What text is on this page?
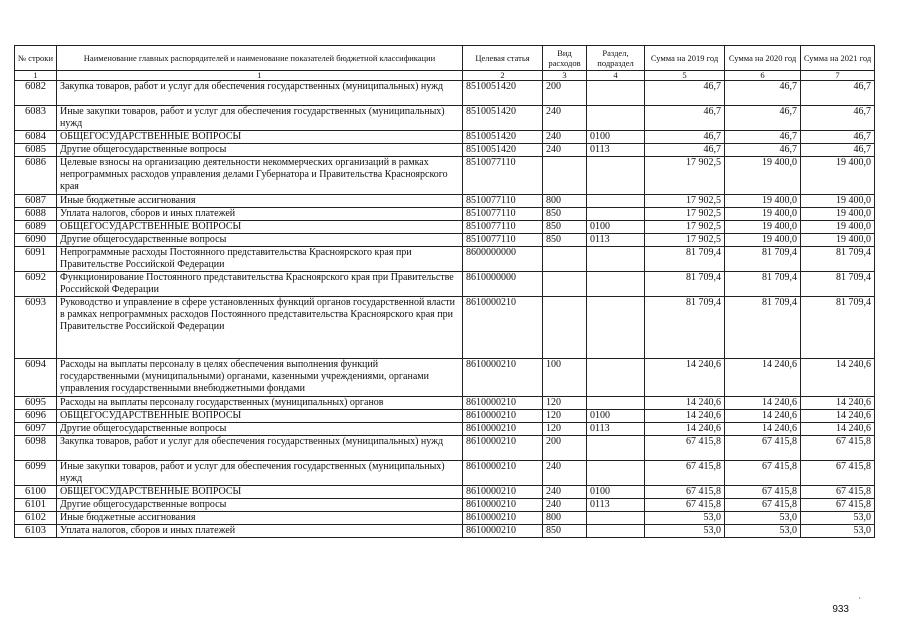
№ строки	Наименование главных распорядителей и наименование показателей бюджетной классификации	Целевая статья	Вид расходов	Раздел, подраздел	Сумма на 2019 год	Сумма на 2020 год	Сумма на 2021 год
1	1	2	3	4	5	6	7
6082	Закупка товаров, работ и услуг для обеспечения государственных (муниципальных) нужд	8510051420	200		46,7	46,7	46,7
6083	Иные закупки товаров, работ и услуг для обеспечения государственных (муниципальных) нужд	8510051420	240		46,7	46,7	46,7
6084	ОБЩЕГОСУДАРСТВЕННЫЕ ВОПРОСЫ	8510051420	240	0100	46,7	46,7	46,7
6085	Другие общегосударственные вопросы	8510051420	240	0113	46,7	46,7	46,7
6086	Целевые взносы на организацию деятельности некоммерческих организаций в рамках непрограммных расходов управления делами Губернатора и Правительства Красноярского края	8510077110			17 902,5	19 400,0	19 400,0
6087	Иные бюджетные ассигнования	8510077110	800		17 902,5	19 400,0	19 400,0
6088	Уплата налогов, сборов и иных платежей	8510077110	850		17 902,5	19 400,0	19 400,0
6089	ОБЩЕГОСУДАРСТВЕННЫЕ ВОПРОСЫ	8510077110	850	0100	17 902,5	19 400,0	19 400,0
6090	Другие общегосударственные вопросы	8510077110	850	0113	17 902,5	19 400,0	19 400,0
6091	Непрограммные расходы Постоянного представительства Красноярского края при Правительстве Российской Федерации	8600000000			81 709,4	81 709,4	81 709,4
6092	Функционирование Постоянного представительства Красноярского края при Правительстве Российской Федерации	8610000000			81 709,4	81 709,4	81 709,4
6093	Руководство и управление в сфере установленных функций органов государственной власти в рамках непрограммных расходов Постоянного представительства Красноярского края при Правительстве Российской Федерации	8610000210			81 709,4	81 709,4	81 709,4
6094	Расходы на выплаты персоналу в целях обеспечения выполнения функций государственными (муниципальными) органами, казенными учреждениями, органами управления государственными внебюджетными фондами	8610000210	100		14 240,6	14 240,6	14 240,6
6095	Расходы на выплаты персоналу государственных (муниципальных) органов	8610000210	120		14 240,6	14 240,6	14 240,6
6096	ОБЩЕГОСУДАРСТВЕННЫЕ ВОПРОСЫ	8610000210	120	0100	14 240,6	14 240,6	14 240,6
6097	Другие общегосударственные вопросы	8610000210	120	0113	14 240,6	14 240,6	14 240,6
6098	Закупка товаров, работ и услуг для обеспечения государственных (муниципальных) нужд	8610000210	200		67 415,8	67 415,8	67 415,8
6099	Иные закупки товаров, работ и услуг для обеспечения государственных (муниципальных) нужд	8610000210	240		67 415,8	67 415,8	67 415,8
6100	ОБЩЕГОСУДАРСТВЕННЫЕ ВОПРОСЫ	8610000210	240	0100	67 415,8	67 415,8	67 415,8
6101	Другие общегосударственные вопросы	8610000210	240	0113	67 415,8	67 415,8	67 415,8
6102	Иные бюджетные ассигнования	8610000210	800		53,0	53,0	53,0
6103	Уплата налогов, сборов и иных платежей	8610000210	850		53,0	53,0	53,0
·
933
